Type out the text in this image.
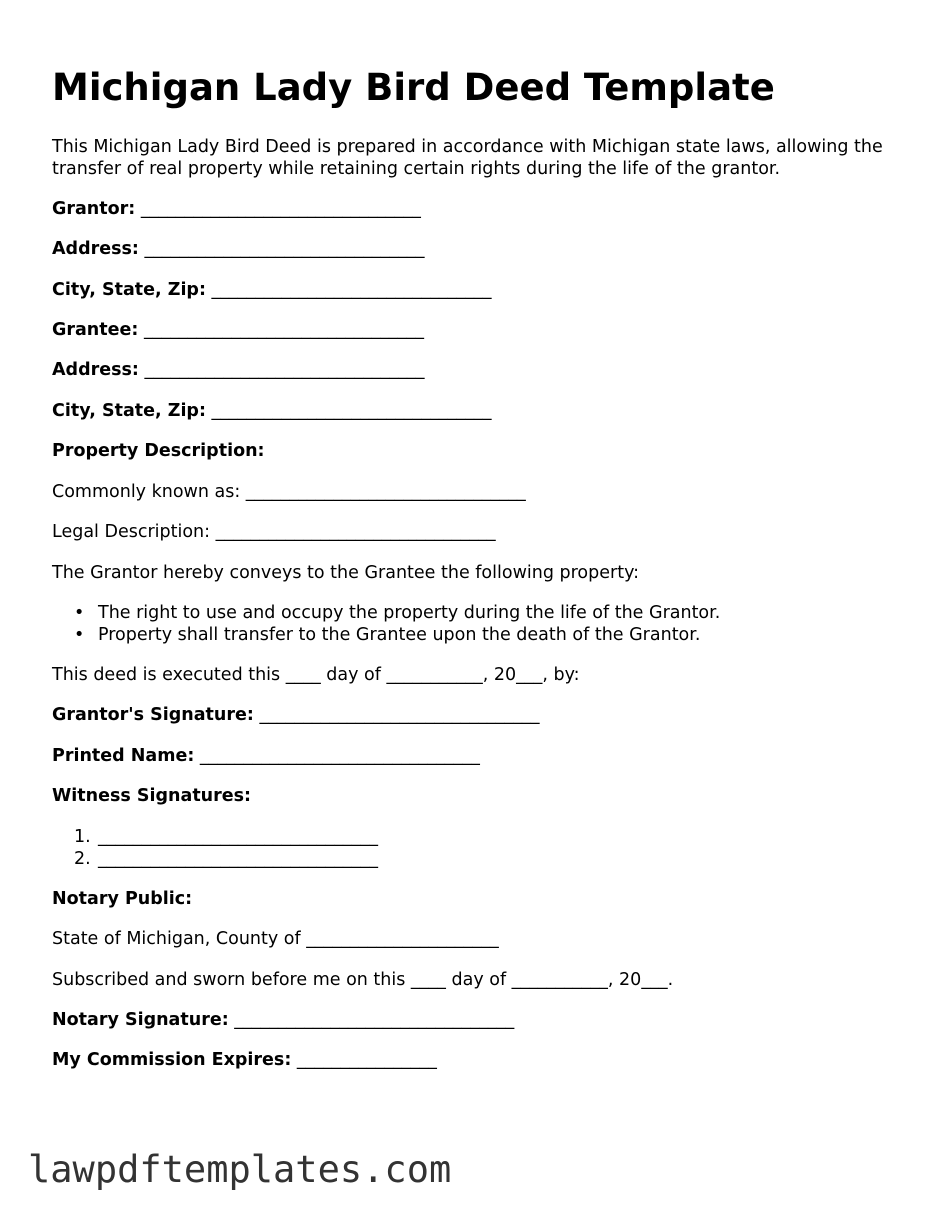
Michigan Lady Bird Deed Template

This Michigan Lady Bird Deed is prepared in accordance with Michigan state laws, allowing the transfer of real property while retaining certain rights during the life of the grantor.

Grantor: ________________________________

Address: ________________________________

City, State, Zip: ________________________________

Grantee: ________________________________

Address: ________________________________

City, State, Zip: ________________________________

Property Description:

Commonly known as: ________________________________

Legal Description: ________________________________

The Grantor hereby conveys to the Grantee the following property:

• The right to use and occupy the property during the life of the Grantor.
• Property shall transfer to the Grantee upon the death of the Grantor.

This deed is executed this ____ day of ___________, 20___, by:

Grantor's Signature: ________________________________

Printed Name: ________________________________

Witness Signatures:

1. ________________________________
2. ________________________________

Notary Public:

State of Michigan, County of ______________________

Subscribed and sworn before me on this ____ day of ___________, 20___.

Notary Signature: ________________________________

My Commission Expires: ________________

lawpdftemplates.com
